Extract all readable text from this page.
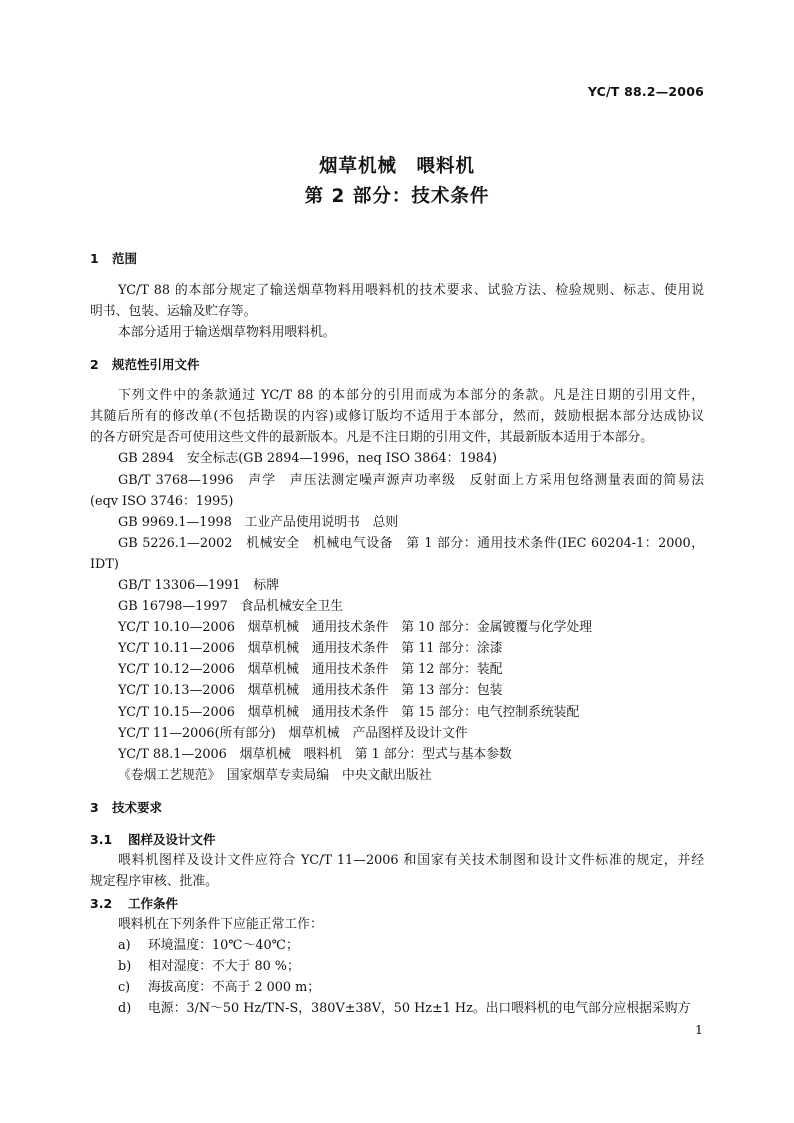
YC/T 88.2—2006
烟草机械　喂料机
第 2 部分：技术条件
1 范围
YC/T 88 的本部分规定了输送烟草物料用喂料机的技术要求、试验方法、检验规则、标志、使用说
明书、包装、运输及贮存等。
本部分适用于输送烟草物料用喂料机。
2 规范性引用文件
下列文件中的条款通过 YC/T 88 的本部分的引用而成为本部分的条款。凡是注日期的引用文件，
其随后所有的修改单(不包括勘误的内容)或修订版均不适用于本部分，然而，鼓励根据本部分达成协议
的各方研究是否可使用这些文件的最新版本。凡是不注日期的引用文件，其最新版本适用于本部分。
GB 2894　安全标志(GB 2894—1996，neq ISO 3864：1984)
GB/T 3768—1996　声学　声压法测定噪声源声功率级　反射面上方采用包络测量表面的简易法
(eqv ISO 3746：1995)
GB 9969.1—1998　工业产品使用说明书　总则
GB 5226.1—2002　机械安全　机械电气设备　第 1 部分：通用技术条件(IEC 60204-1：2000，
IDT)
GB/T 13306—1991　标牌
GB 16798—1997　食品机械安全卫生
YC/T 10.10—2006　烟草机械　通用技术条件　第 10 部分：金属镀覆与化学处理
YC/T 10.11—2006　烟草机械　通用技术条件　第 11 部分：涂漆
YC/T 10.12—2006　烟草机械　通用技术条件　第 12 部分：装配
YC/T 10.13—2006　烟草机械　通用技术条件　第 13 部分：包装
YC/T 10.15—2006　烟草机械　通用技术条件　第 15 部分：电气控制系统装配
YC/T 11—2006(所有部分)　烟草机械　产品图样及设计文件
YC/T 88.1—2006　烟草机械　喂料机　第 1 部分：型式与基本参数
《卷烟工艺规范》　国家烟草专卖局编　中央文献出版社
3 技术要求
3.1 图样及设计文件
喂料机图样及设计文件应符合 YC/T 11—2006 和国家有关技术制图和设计文件标准的规定，并经
规定程序审核、批准。
3.2 工作条件
喂料机在下列条件下应能正常工作：
a) 环境温度：10℃～40℃；
b) 相对湿度：不大于 80 %；
c) 海拔高度：不高于 2 000 m；
d) 电源：3/N～50 Hz/TN-S，380V±38V，50 Hz±1 Hz。出口喂料机的电气部分应根据采购方
1
